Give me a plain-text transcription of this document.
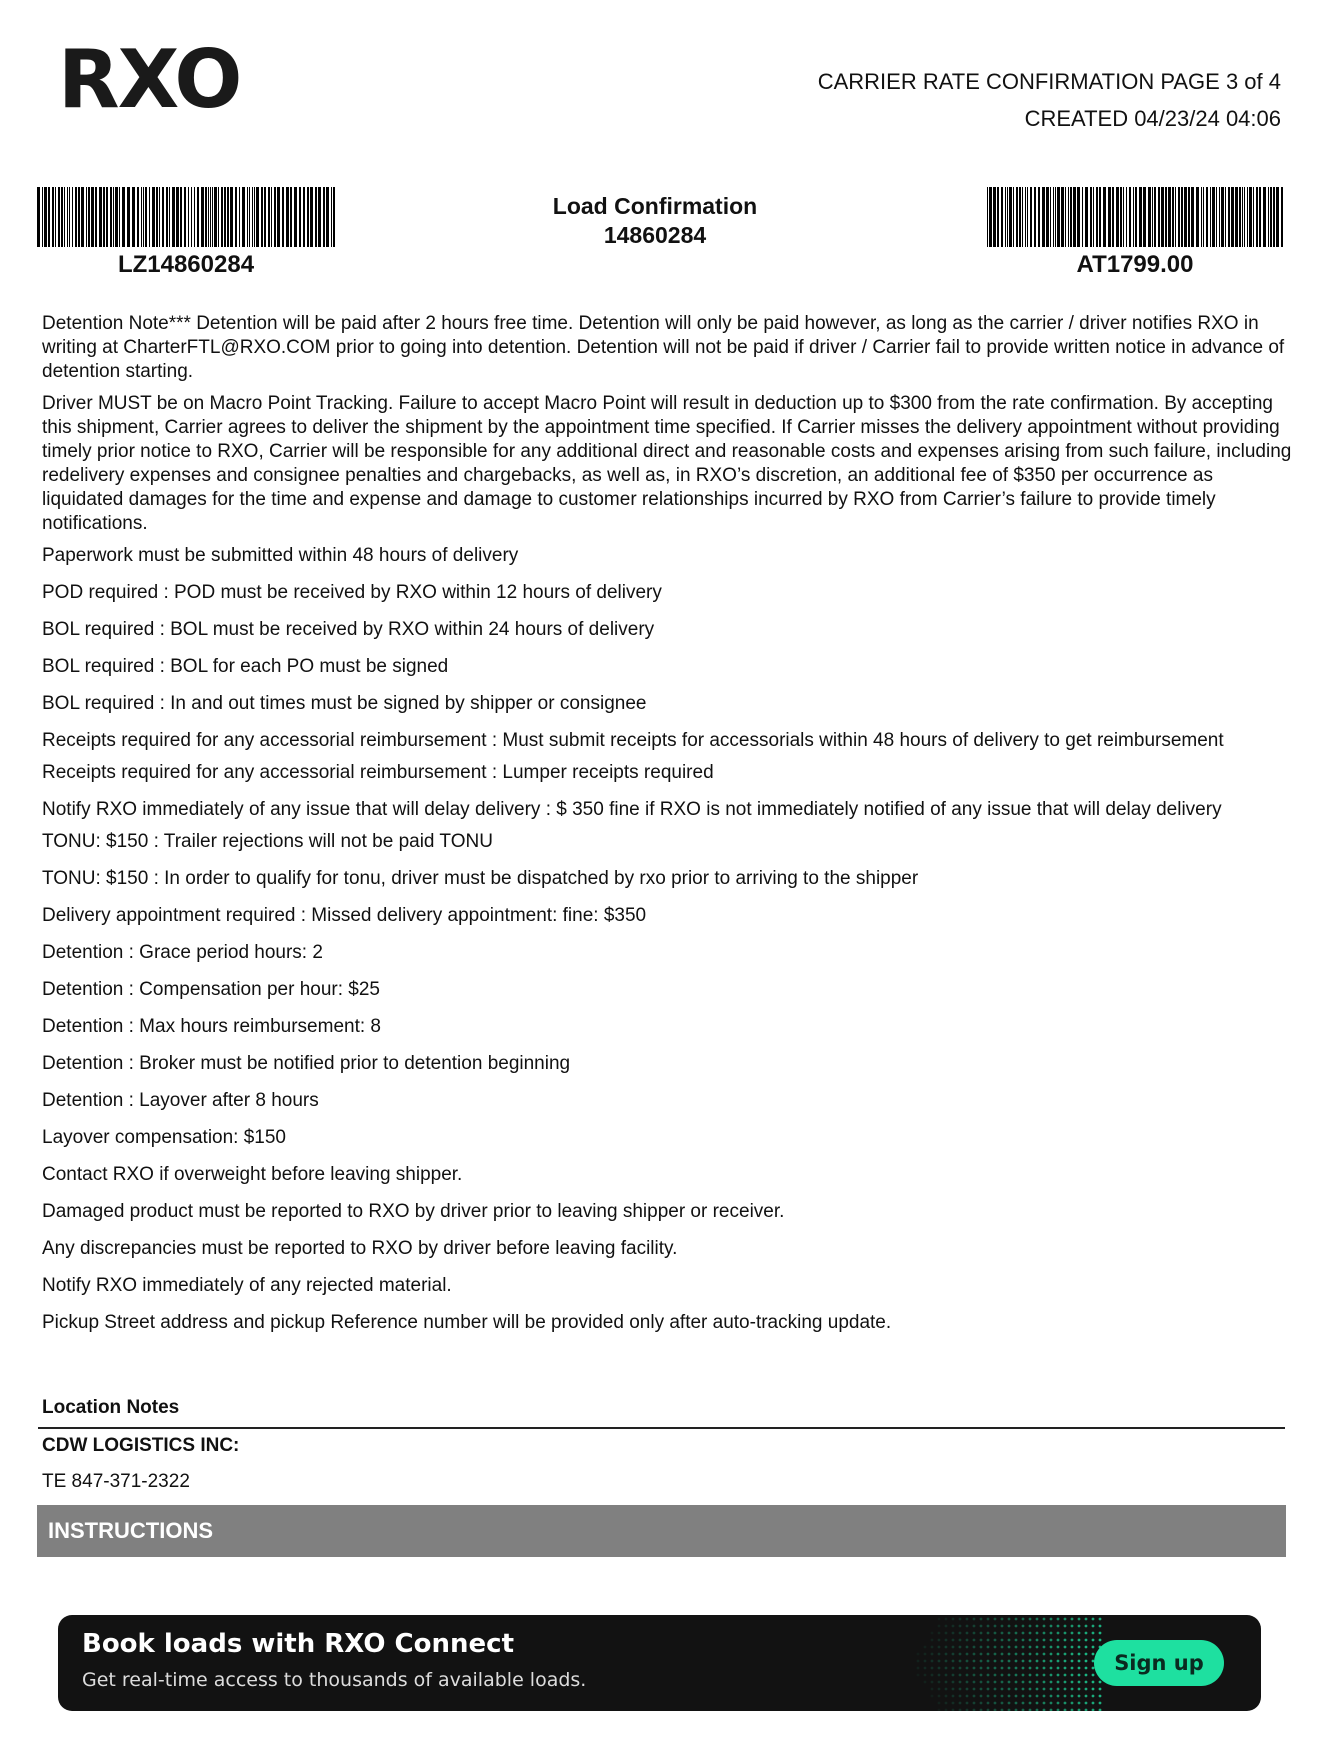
RXO	CARRIER RATE CONFIRMATION PAGE 3 of 4
CREATED 04/23/24 04:06
LZ14860284
Load Confirmation
14860284
AT1799.00

Detention Note*** Detention will be paid after 2 hours free time. Detention will only be paid however, as long as the carrier / driver notifies RXO in writing at CharterFTL@RXO.COM prior to going into detention. Detention will not be paid if driver / Carrier fail to provide written notice in advance of detention starting.

Driver MUST be on Macro Point Tracking. Failure to accept Macro Point will result in deduction up to $300 from the rate confirmation. By accepting this shipment, Carrier agrees to deliver the shipment by the appointment time specified. If Carrier misses the delivery appointment without providing timely prior notice to RXO, Carrier will be responsible for any additional direct and reasonable costs and expenses arising from such failure, including redelivery expenses and consignee penalties and chargebacks, as well as, in RXO’s discretion, an additional fee of $350 per occurrence as liquidated damages for the time and expense and damage to customer relationships incurred by RXO from Carrier’s failure to provide timely notifications.

Paperwork must be submitted within 48 hours of delivery

POD required : POD must be received by RXO within 12 hours of delivery

BOL required : BOL must be received by RXO within 24 hours of delivery

BOL required : BOL for each PO must be signed

BOL required : In and out times must be signed by shipper or consignee

Receipts required for any accessorial reimbursement : Must submit receipts for accessorials within 48 hours of delivery to get reimbursement

Receipts required for any accessorial reimbursement : Lumper receipts required

Notify RXO immediately of any issue that will delay delivery : $ 350 fine if RXO is not immediately notified of any issue that will delay delivery

TONU: $150 : Trailer rejections will not be paid TONU

TONU: $150 : In order to qualify for tonu, driver must be dispatched by rxo prior to arriving to the shipper

Delivery appointment required : Missed delivery appointment: fine: $350

Detention : Grace period hours: 2

Detention : Compensation per hour: $25

Detention : Max hours reimbursement: 8

Detention : Broker must be notified prior to detention beginning

Detention : Layover after 8 hours

Layover compensation: $150

Contact RXO if overweight before leaving shipper.

Damaged product must be reported to RXO by driver prior to leaving shipper or receiver.

Any discrepancies must be reported to RXO by driver before leaving facility.

Notify RXO immediately of any rejected material.

Pickup Street address and pickup Reference number will be provided only after auto-tracking update.

Location Notes
CDW LOGISTICS INC:
TE 847-371-2322
INSTRUCTIONS
Book loads with RXO Connect
Get real-time access to thousands of available loads.
Sign up
